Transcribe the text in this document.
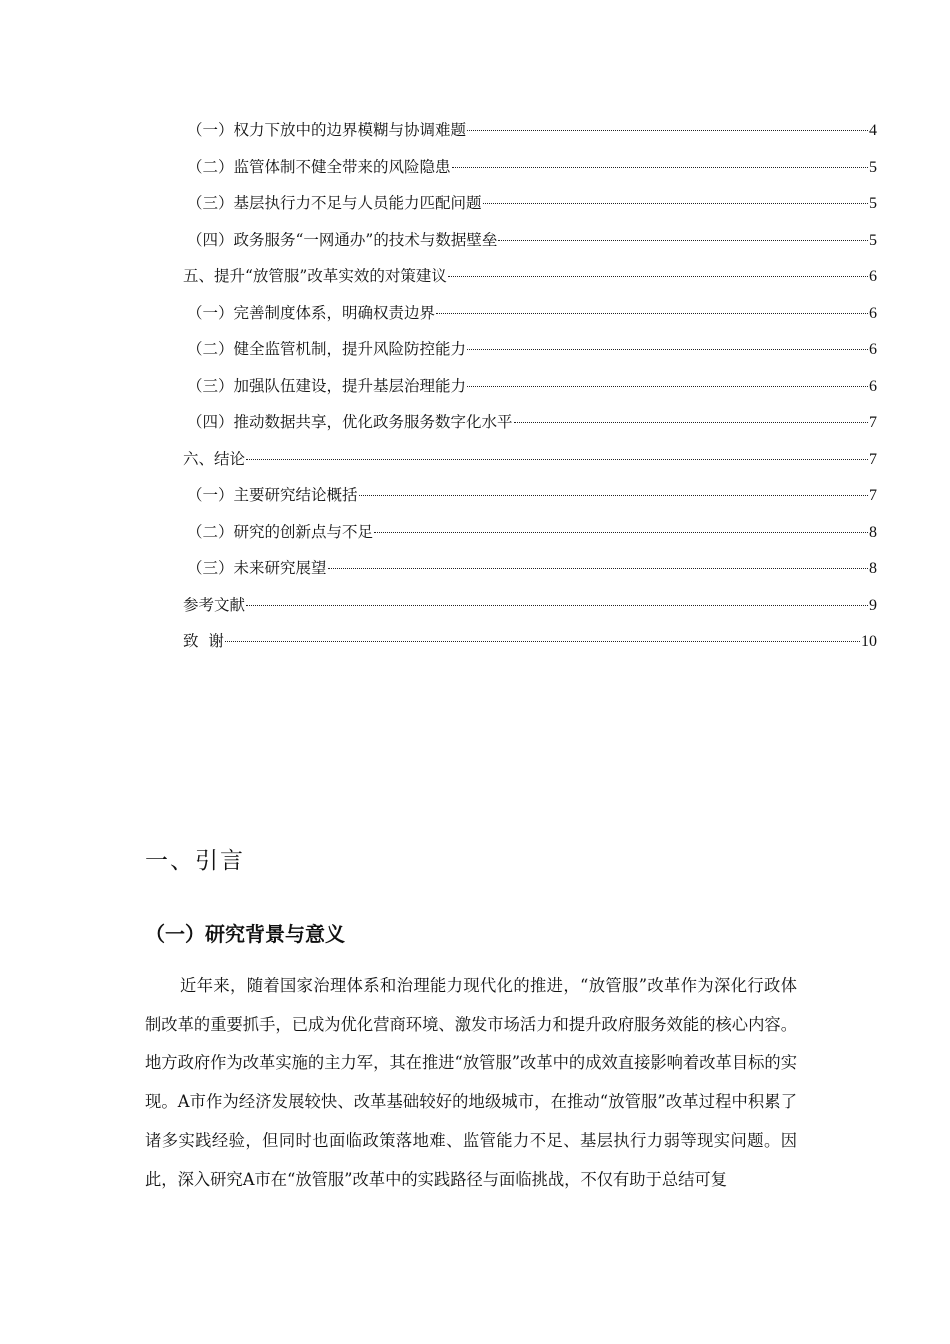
（一）权力下放中的边界模糊与协调难题	4
（二）监管体制不健全带来的风险隐患	5
（三）基层执行力不足与人员能力匹配问题	5
（四）政务服务“一网通办”的技术与数据壁垒	5
五、提升“放管服”改革实效的对策建议	6
（一）完善制度体系，明确权责边界	6
（二）健全监管机制，提升风险防控能力	6
（三）加强队伍建设，提升基层治理能力	6
（四）推动数据共享，优化政务服务数字化水平	7
六、结论	7
（一）主要研究结论概括	7
（二）研究的创新点与不足	8
（三）未来研究展望	8
参考文献	9
致  谢	10
一、引言
（一）研究背景与意义

近年来，随着国家治理体系和治理能力现代化的推进，“放管服”改革作为深化行政体制改革的重要抓手，已成为优化营商环境、激发市场活力和提升政府服务效能的核心内容。地方政府作为改革实施的主力军，其在推进“放管服”改革中的成效直接影响着改革目标的实现。A市作为经济发展较快、改革基础较好的地级城市，在推动“放管服”改革过程中积累了诸多实践经验，但同时也面临政策落地难、监管能力不足、基层执行力弱等现实问题。因此，深入研究A市在“放管服”改革中的实践路径与面临挑战，不仅有助于总结可复
